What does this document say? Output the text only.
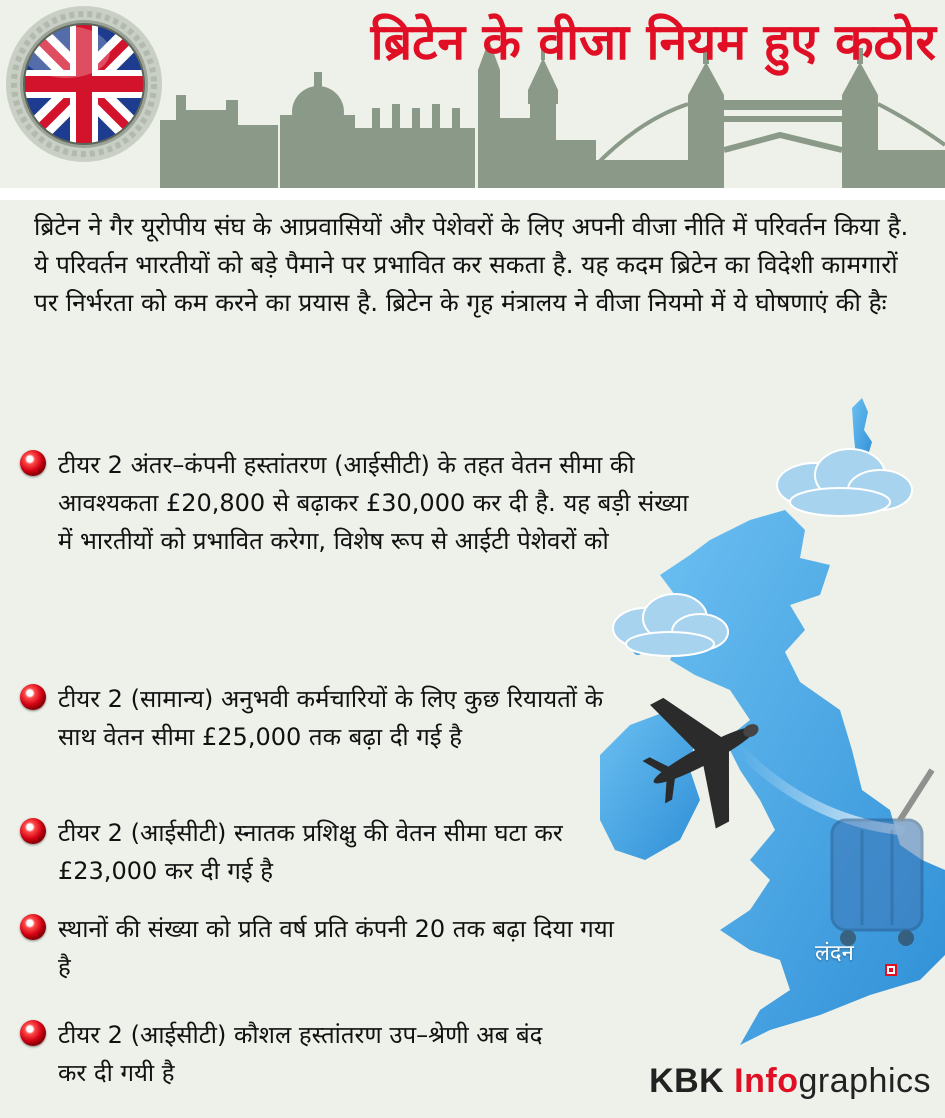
ब्रिटेन के वीजा नियम हुए कठोर

ब्रिटेन ने गैर यूरोपीय संघ के आप्रवासियों और पेशेवरों के लिए अपनी वीजा नीति में परिवर्तन किया है. ये परिवर्तन भारतीयों को बड़े पैमाने पर प्रभावित कर सकता है. यह कदम ब्रिटेन का विदेशी कामगारों पर निर्भरता को कम करने का प्रयास है. ब्रिटेन के गृह मंत्रालय ने वीजा नियमो में ये घोषणाएं की हैः

टीयर 2 अंतर–कंपनी हस्तांतरण (आईसीटी) के तहत वेतन सीमा की आवश्यकता £20,800 से बढ़ाकर £30,000 कर दी है. यह बड़ी संख्या में भारतीयों को प्रभावित करेगा, विशेष रूप से आईटी पेशेवरों को

टीयर 2 (सामान्य) अनुभवी कर्मचारियों के लिए कुछ रियायतों के साथ वेतन सीमा £25,000 तक बढ़ा दी गई है

टीयर 2 (आईसीटी) स्नातक प्रशिक्षु की वेतन सीमा घटा कर £23,000 कर दी गई है

स्थानों की संख्या को प्रति वर्ष प्रति कंपनी 20 तक बढ़ा दिया गया है

टीयर 2 (आईसीटी) कौशल हस्तांतरण उप–श्रेणी अब बंद कर दी गयी है

लंदन

KBK Infographics
